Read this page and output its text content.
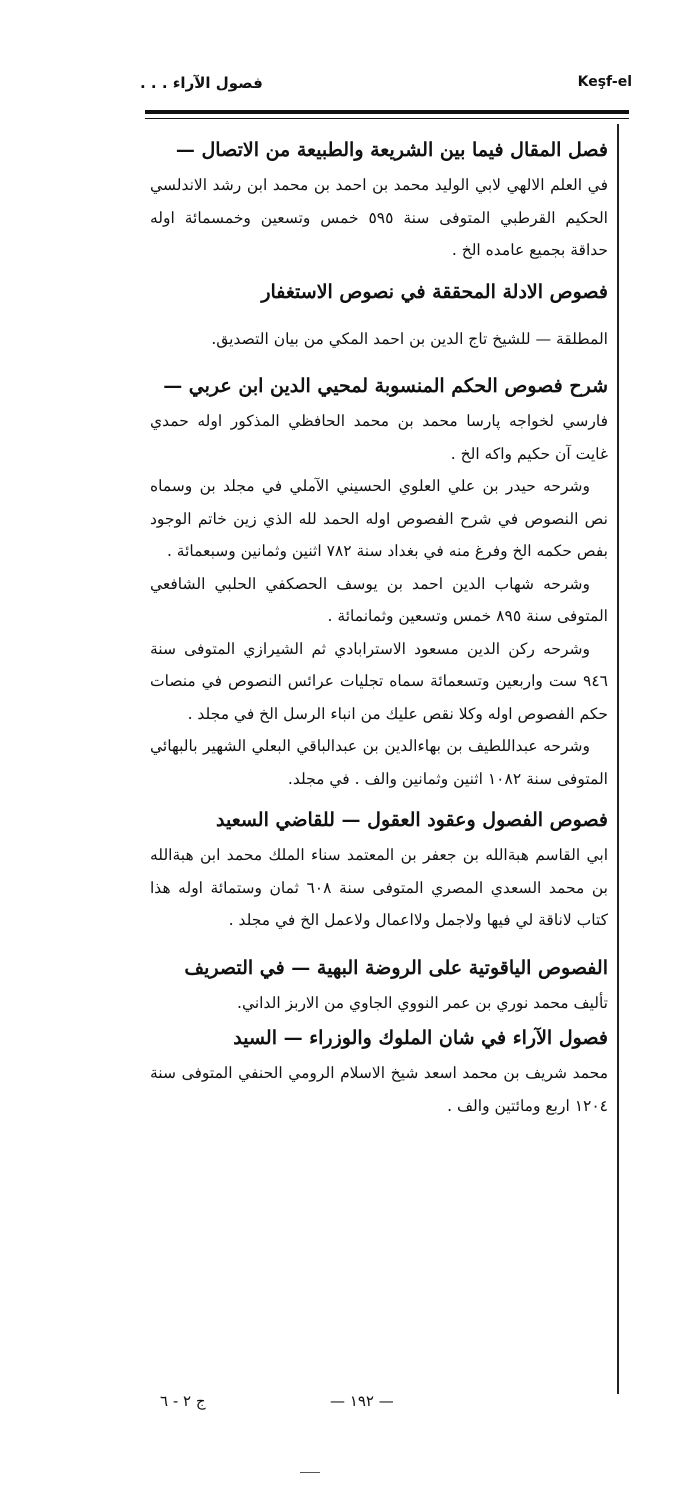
فصول الآراء . . .	Keşf-el
فصل المقال فيما بين الشريعة والطبيعة من الاتصال —
في العلم الالهي لابي الوليد محمد بن احمد بن محمد ابن رشد الاندلسي الحكيم القرطبي المتوفى سنة ٥٩٥ خمس وتسعين وخمسمائة اوله حداقة بجميع عامده الخ .
فصوص الادلة المحققة في نصوص الاستغفار
المطلقة — للشيخ تاج الدين بن احمد المكي من بيان التصديق.
شرح فصوص الحكم المنسوبة لمحيي الدين ابن عربي —
فارسي لخواجه پارسا محمد بن محمد الحافظي المذكور اوله حمدي غايت آن حكيم واكه الخ .
وشرحه حيدر بن علي العلوي الحسيني الآملي في مجلد بن وسماه نص النصوص في شرح الفصوص اوله الحمد لله الذي زين خاتم الوجود بفص حكمه الخ وفرغ منه في بغداد سنة ٧٨٢ اثنين وثمانين وسبعمائة .
وشرحه شهاب الدين احمد بن يوسف الحصكفي الحلبي الشافعي المتوفى سنة ٨٩٥ خمس وتسعين وثمانمائة .
وشرحه ركن الدين مسعود الاسترابادي ثم الشيرازي المتوفى سنة ٩٤٦ ست واربعين وتسعمائة سماه تجليات عرائس النصوص في منصات حكم الفصوص اوله وكلا نقص عليك من انباء الرسل الخ في مجلد .
وشرحه عبداللطيف بن بهاءالدين بن عبدالباقي البعلي الشهير بالبهائي المتوفى سنة ١٠٨٢ اثنين وثمانين والف . في مجلد.
فصوص الفصول وعقود العقول — للقاضي السعيد
ابي القاسم هبةالله بن جعفر بن المعتمد سناء الملك محمد ابن هبةالله بن محمد السعدي المصري المتوفى سنة ٦٠٨ ثمان وستمائة اوله هذا كتاب لاناقة لي فيها ولاجمل ولااعمال ولاعمل الخ في مجلد .
الفصوص الياقوتية على الروضة البهية — في التصريف
تأليف محمد نوري بن عمر النووي الجاوي من الاربز الداني.
فصول الآراء في شان الملوك والوزراء — السيد
محمد شريف بن محمد اسعد شيخ الاسلام الرومي الحنفي المتوفى سنة ١٢٠٤ اربع ومائتين والف .
ج ٢ - ٦	— ١٩٢ —
